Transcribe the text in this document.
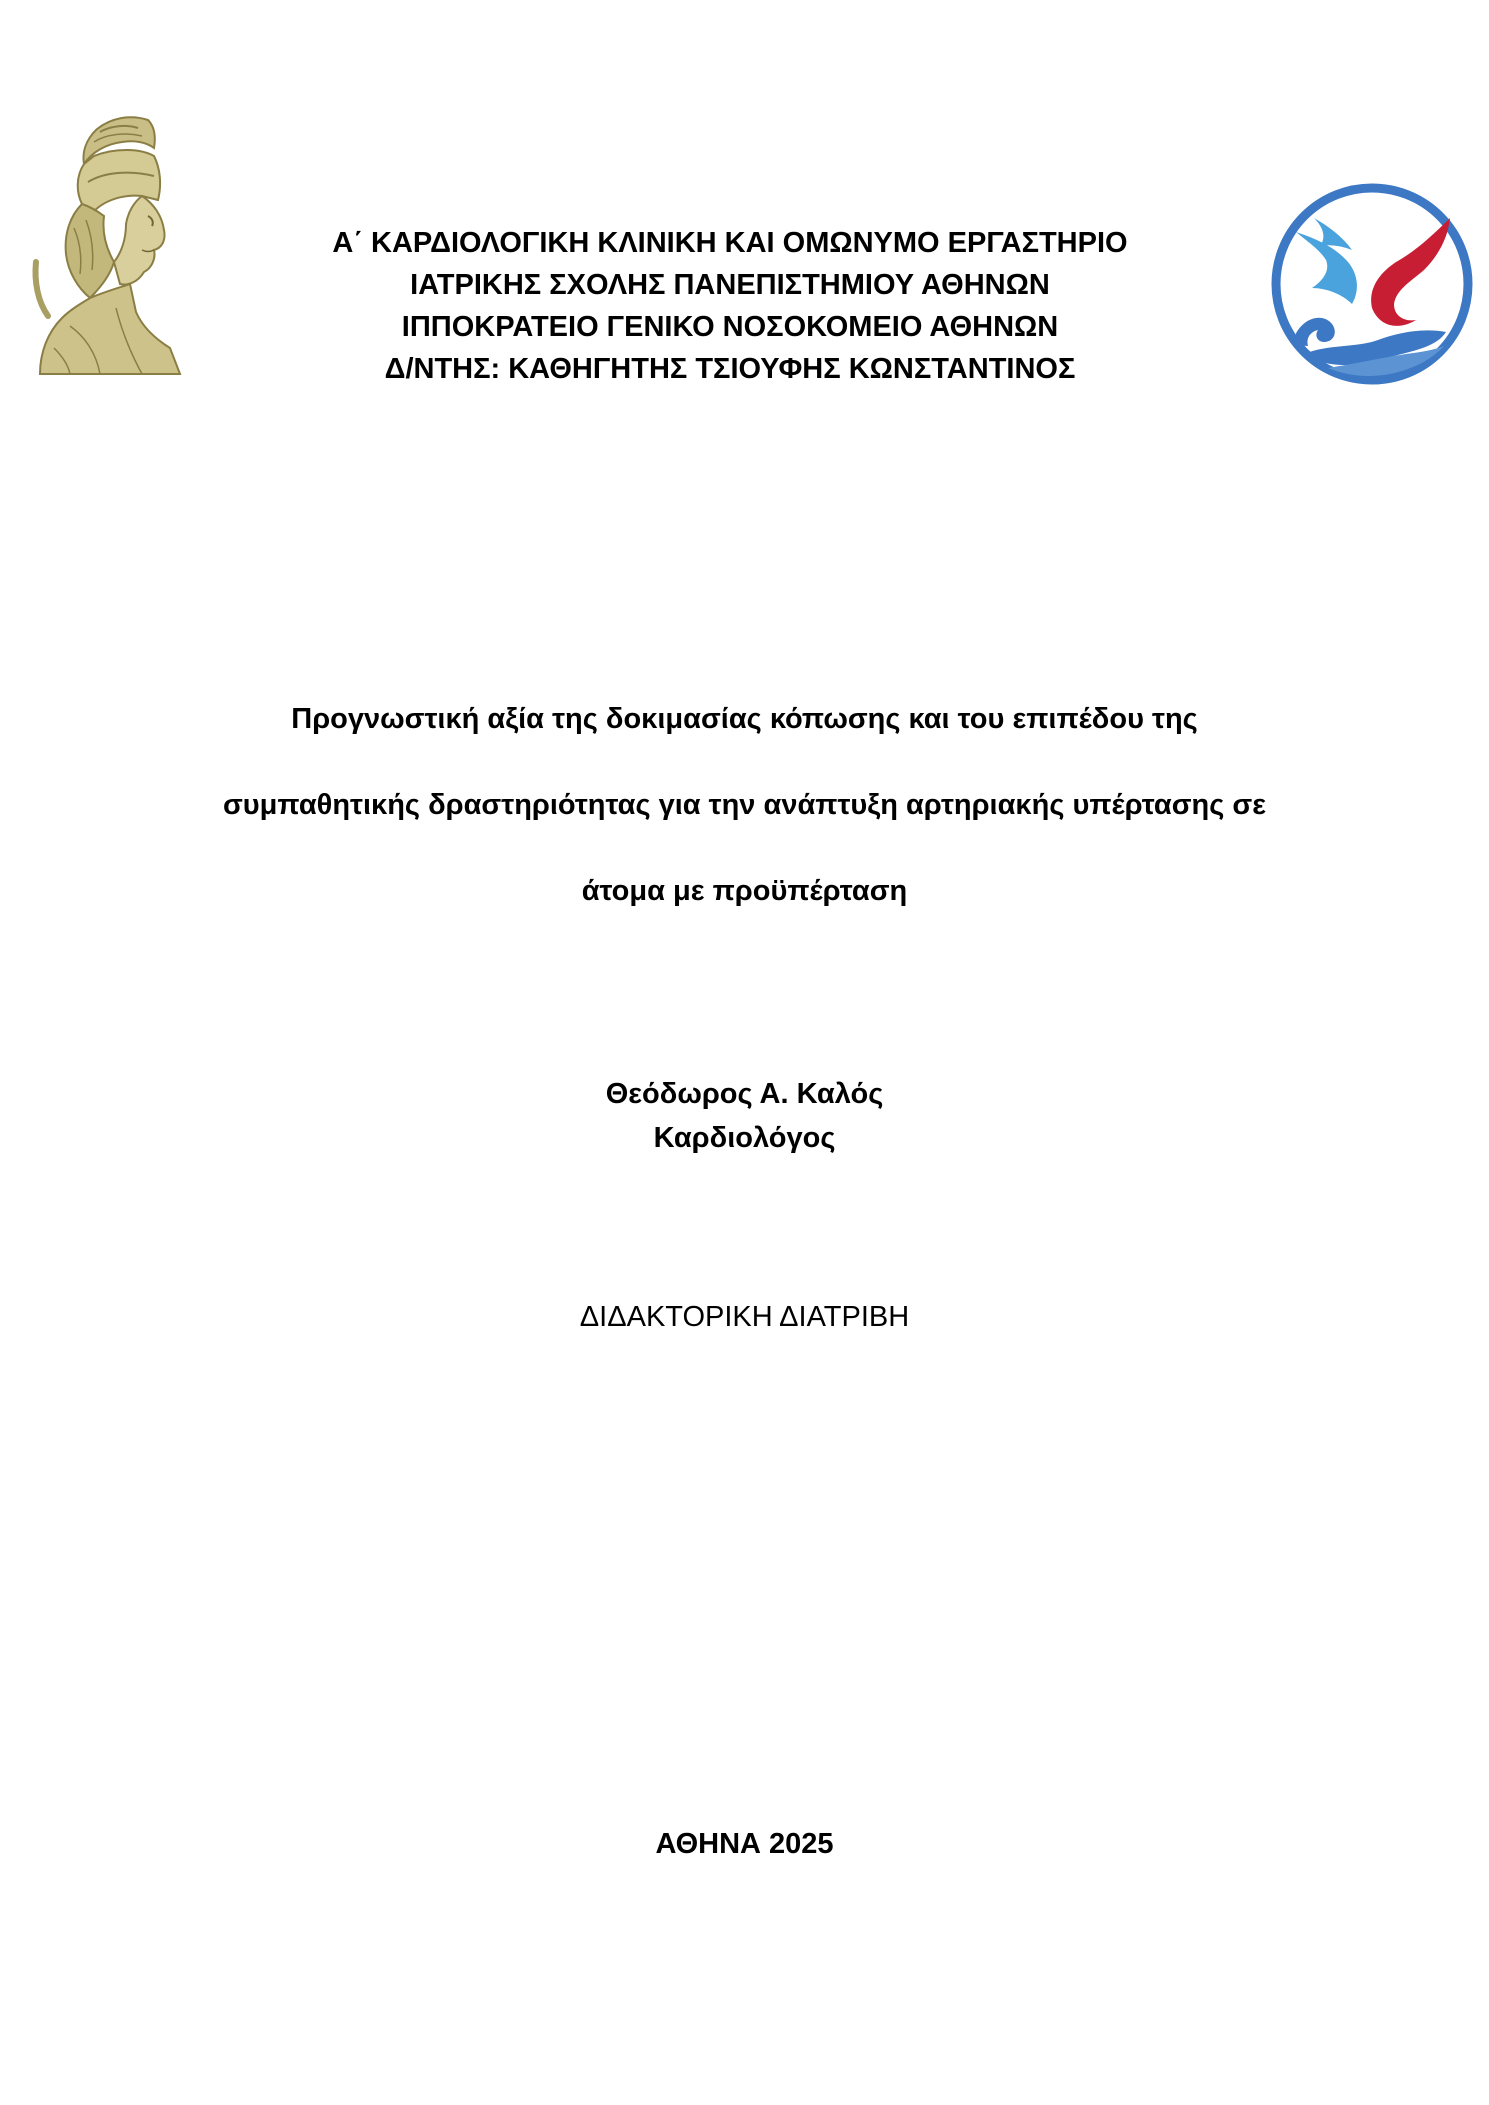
Α΄ ΚΑΡΔΙΟΛΟΓΙΚΗ ΚΛΙΝΙΚΗ ΚΑΙ ΟΜΩΝΥΜΟ ΕΡΓΑΣΤΗΡΙΟ
ΙΑΤΡΙΚΗΣ ΣΧΟΛΗΣ ΠΑΝΕΠΙΣΤΗΜΙΟΥ ΑΘΗΝΩΝ
ΙΠΠΟΚΡΑΤΕΙΟ ΓΕΝΙΚΟ ΝΟΣΟΚΟΜΕΙΟ ΑΘΗΝΩΝ
Δ/ΝΤΗΣ: ΚΑΘΗΓΗΤΗΣ ΤΣΙΟΥΦΗΣ ΚΩΝΣΤΑΝΤΙΝΟΣ
Προγνωστική αξία της δοκιμασίας κόπωσης και του επιπέδου της
συμπαθητικής δραστηριότητας για την ανάπτυξη αρτηριακής υπέρτασης σε
άτομα με προϋπέρταση
Θεόδωρος Α. Καλός
Καρδιολόγος
ΔΙΔΑΚΤΟΡΙΚΗ ΔΙΑΤΡΙΒΗ
ΑΘΗΝΑ 2025
